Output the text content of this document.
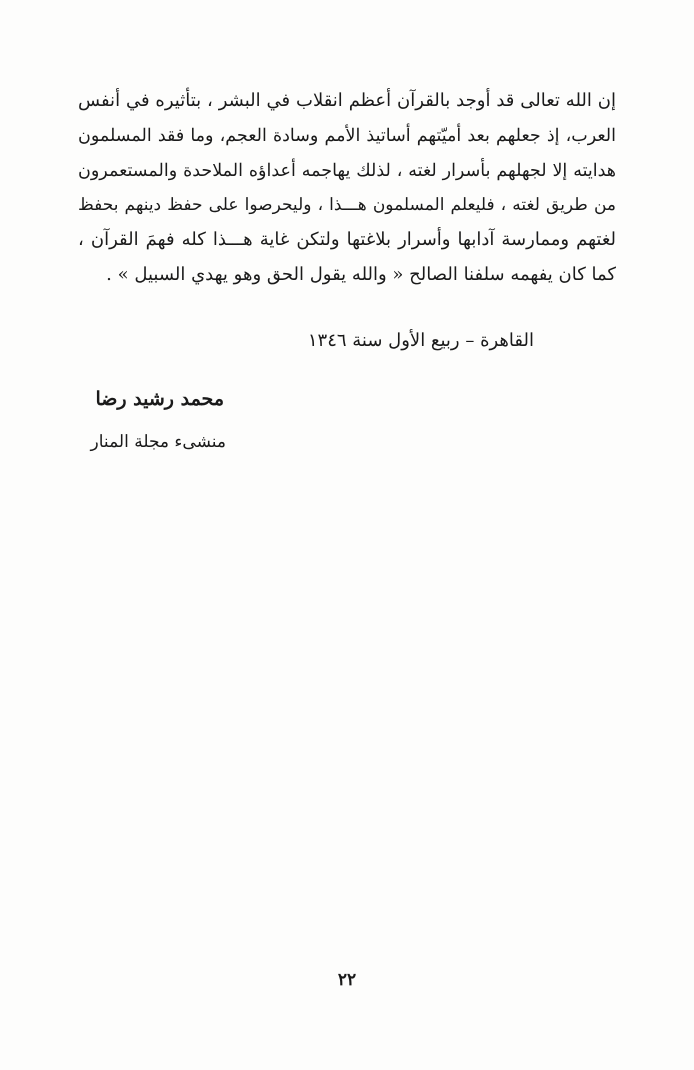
إن الله تعالى قد أوجد بالقرآن أعظم انقلاب في البشر ، بتأثيره في أنفس
العرب، إذ جعلهم بعد أميّتهم أساتيذ الأمم وسادة العجم، وما فقد المسلمون
هدايته إلا لجهلهم بأسرار لغته ، لذلك يهاجمه أعداؤه الملاحدة والمستعمرون
من طريق لغته ، فليعلم المسلمون هـــذا ، وليحرصوا على حفظ دينهم بحفظ
لغتهم وممارسة آدابها وأسرار بلاغتها ولتكن غاية هـــذا كله فهمَ القرآن ،
كما كان يفهمه سلفنا الصالح « والله يقول الحق وهو يهدي السبيل » .

القاهرة – ربيع الأول سنة ١٣٤٦

محمد رشيد رضا

منشىء مجلة المنار

٢٢
